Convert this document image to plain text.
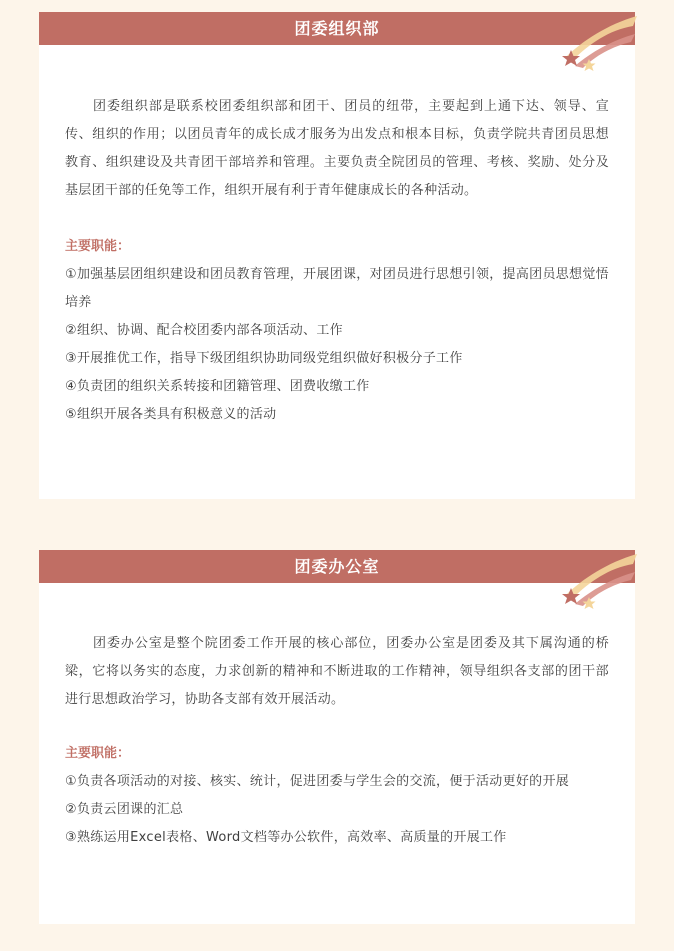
团委组织部

团委组织部是联系校团委组织部和团干、团员的纽带，主要起到上通下达、领导、宣传、组织的作用；以团员青年的成长成才服务为出发点和根本目标，负责学院共青团员思想教育、组织建设及共青团干部培养和管理。主要负责全院团员的管理、考核、奖励、处分及基层团干部的任免等工作，组织开展有利于青年健康成长的各种活动。

主要职能：

①加强基层团组织建设和团员教育管理，开展团课，对团员进行思想引领，提高团员思想觉悟培养
②组织、协调、配合校团委内部各项活动、工作
③开展推优工作，指导下级团组织协助同级党组织做好积极分子工作
④负责团的组织关系转接和团籍管理、团费收缴工作
⑤组织开展各类具有积极意义的活动
团委办公室

团委办公室是整个院团委工作开展的核心部位，团委办公室是团委及其下属沟通的桥梁，它将以务实的态度，力求创新的精神和不断进取的工作精神，领导组织各支部的团干部进行思想政治学习，协助各支部有效开展活动。

主要职能：

①负责各项活动的对接、核实、统计，促进团委与学生会的交流，便于活动更好的开展
②负责云团课的汇总
③熟练运用Excel表格、Word文档等办公软件，高效率、高质量的开展工作
